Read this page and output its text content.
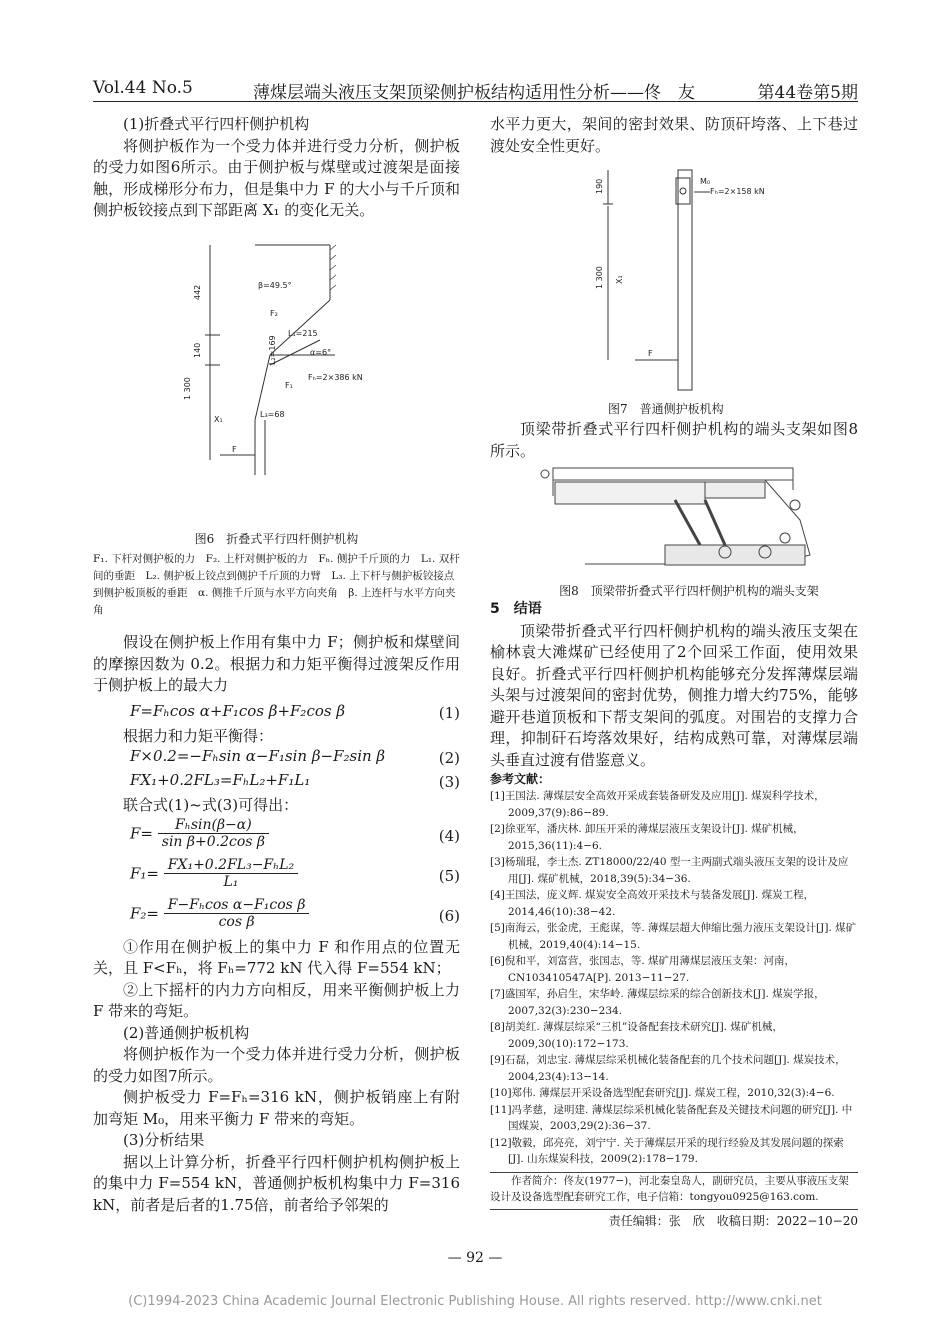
Vol.44 No.5	薄煤层端头液压支架顶梁侧护板结构适用性分析——佟　友	第44卷第5期

(1)折叠式平行四杆侧护机构

将侧护板作为一个受力体并进行受力分析，侧护板的受力如图6所示。由于侧护板与煤壁或过渡架是面接触，形成梯形分布力，但是集中力 F 的大小与千斤顶和侧护板铰接点到下部距离 X₁ 的变化无关。

442
140
1 300
β=49.5°
F₂
L₁=215
L₂=169	α=6°
Fₕ=2×386 kN
F₁
L₃=68
X₁
F

图6　折叠式平行四杆侧护机构

F₁. 下杆对侧护板的力　F₂. 上杆对侧护板的力　Fₕ. 侧护千斤顶的力　L₁. 双杆间的垂距　L₂. 侧护板上铰点到侧护千斤顶的力臂　L₃. 上下杆与侧护板铰接点到侧护板顶板的垂距　α. 侧推千斤顶与水平方向夹角　β. 上连杆与水平方向夹角

假设在侧护板上作用有集中力 F；侧护板和煤壁间的摩擦因数为 0.2。根据力和力矩平衡得过渡架反作用于侧护板上的最大力

F=Fₕcos α+F₁cos β+F₂cos β	(1)

根据力和力矩平衡得：

F×0.2=−Fₕsin α−F₁sin β−F₂sin β	(2)
FX₁+0.2FL₃=FₕL₂+F₁L₁	(3)

联合式(1)~式(3)可得出：

$F= \frac{\text{Fₕsin(β−α)}}{\text{sin β+0.2cos β}}$	(4)
$F_1= \frac{\text{FX₁+0.2FL₃−FₕL₂}}{\text{L₁}}$	(5)
$F_2= \frac{\text{F−Fₕcos α−F₁cos β}}{\text{cos β}}$	(6)

①作用在侧护板上的集中力 F 和作用点的位置无关，且 F<Fₕ，将 Fₕ=772 kN 代入得 F=554 kN；

②上下摇杆的内力方向相反，用来平衡侧护板上力 F 带来的弯矩。

(2)普通侧护板机构

将侧护板作为一个受力体并进行受力分析，侧护板的受力如图7所示。

侧护板受力 F=Fₕ=316 kN，侧护板销座上有附加弯矩 M₀，用来平衡力 F 带来的弯矩。

(3)分析结果

据以上计算分析，折叠平行四杆侧护机构侧护板上的集中力 F=554 kN，普通侧护板机构集中力 F=316 kN，前者是后者的1.75倍，前者给予邻架的

水平力更大，架间的密封效果、防顶矸垮落、上下巷过渡处安全性更好。

190
1 300 X₁
F
M₀
Fₕ=2×158 kN

图7　普通侧护板机构

顶梁带折叠式平行四杆侧护机构的端头支架如图8所示。

图8　顶梁带折叠式平行四杆侧护机构的端头支架

5　结语

顶梁带折叠式平行四杆侧护机构的端头液压支架在榆林袁大滩煤矿已经使用了2个回采工作面，使用效果良好。折叠式平行四杆侧护机构能够充分发挥薄煤层端头架与过渡架间的密封优势，侧推力增大约75%，能够避开巷道顶板和下帮支架间的弧度。对围岩的支撑力合理，抑制矸石垮落效果好，结构成熟可靠，对薄煤层端头垂直过渡有借鉴意义。

参考文献：

[1]王国法. 薄煤层安全高效开采成套装备研发及应用[J]. 煤炭科学技术，2009,37(9):86−89.

[2]徐亚军，潘庆林. 卸压开采的薄煤层液压支架设计[J]. 煤矿机械，2015,36(11):4−6.

[3]杨瑞琨，李士杰. ZT18000/22/40 型一主两副式端头液压支架的设计及应用[J]. 煤矿机械，2018,39(5):34−36.

[4]王国法，庞义辉. 煤炭安全高效开采技术与装备发展[J]. 煤炭工程，2014,46(10):38−42.

[5]南海云，张金虎，王彪谋，等. 薄煤层超大伸缩比强力液压支架设计[J]. 煤矿机械，2019,40(4):14−15.

[6]倪和平，刘富营，张国志，等. 煤矿用薄煤层液压支架：河南，CN103410547A[P]. 2013−11−27.

[7]盛国军，孙启生，宋华岭. 薄煤层综采的综合创新技术[J]. 煤炭学报，2007,32(3):230−234.

[8]胡美红. 薄煤层综采“三机”设备配套技术研究[J]. 煤矿机械，2009,30(10):172−173.

[9]石磊，刘忠宝. 薄煤层综采机械化装备配套的几个技术问题[J]. 煤炭技术，2004,23(4):13−14.

[10]郑伟. 薄煤层开采设备选型配套研究[J]. 煤炭工程，2010,32(3):4−6.

[11]冯孝慈，逯明建. 薄煤层综采机械化装备配套及关键技术问题的研究[J]. 中国煤炭，2003,29(2):36−37.

[12]敬毅，邱亮亮，刘宁宁. 关于薄煤层开采的现行经验及其发展问题的探索[J]. 山东煤炭科技，2009(2):178−179.

作者简介：佟友(1977−)，河北秦皇岛人，副研究员，主要从事液压支架设计及设备选型配套研究工作，电子信箱：tongyou0925@163.com.

责任编辑：张　欣　收稿日期：2022−10−20

— 92 —
(C)1994-2023 China Academic Journal Electronic Publishing House. All rights reserved. http://www.cnki.net
